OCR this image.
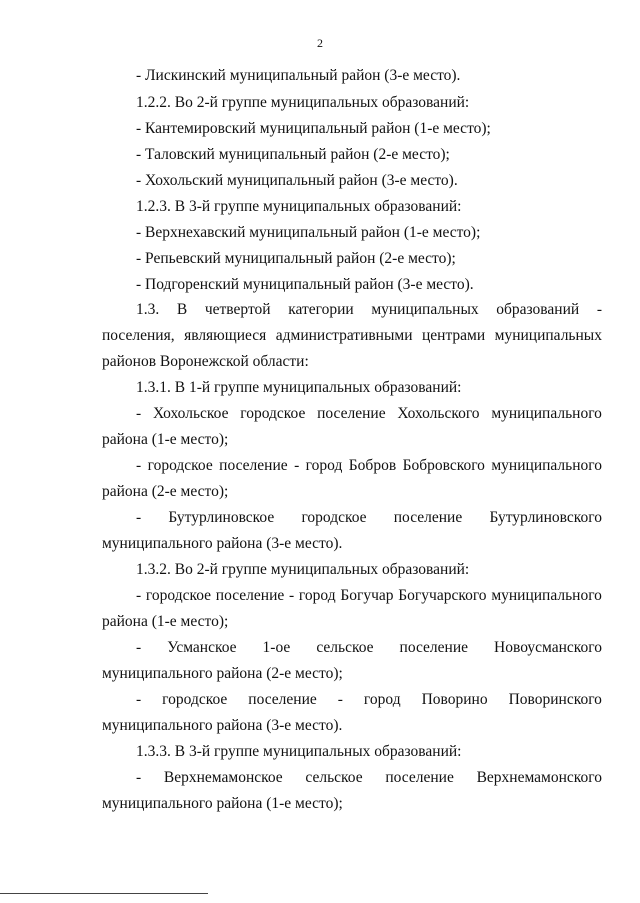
2
- Лискинский муниципальный район (3-е место).
1.2.2. Во 2-й группе муниципальных образований:
- Кантемировский муниципальный район (1-е место);
- Таловский муниципальный район (2-е место);
- Хохольский муниципальный район (3-е место).
1.2.3. В 3-й группе муниципальных образований:
- Верхнехавский муниципальный район (1-е место);
- Репьевский муниципальный район (2-е место);
- Подгоренский муниципальный район (3-е место).
1.3. В четвертой категории муниципальных образований -
поселения, являющиеся административными центрами муниципальных
районов Воронежской области:
1.3.1. В 1-й группе муниципальных образований:
- Хохольское городское поселение Хохольского муниципального
района (1-е место);
- городское поселение - город Бобров Бобровского муниципального
района (2-е место);
- Бутурлиновское городское поселение Бутурлиновского
муниципального района (3-е место).
1.3.2. Во 2-й группе муниципальных образований:
- городское поселение - город Богучар Богучарского муниципального
района (1-е место);
- Усманское 1-ое сельское поселение Новоусманского
муниципального района (2-е место);
- городское поселение - город Поворино Поворинского
муниципального района (3-е место).
1.3.3. В 3-й группе муниципальных образований:
- Верхнемамонское сельское поселение Верхнемамонского
муниципального района (1-е место);
